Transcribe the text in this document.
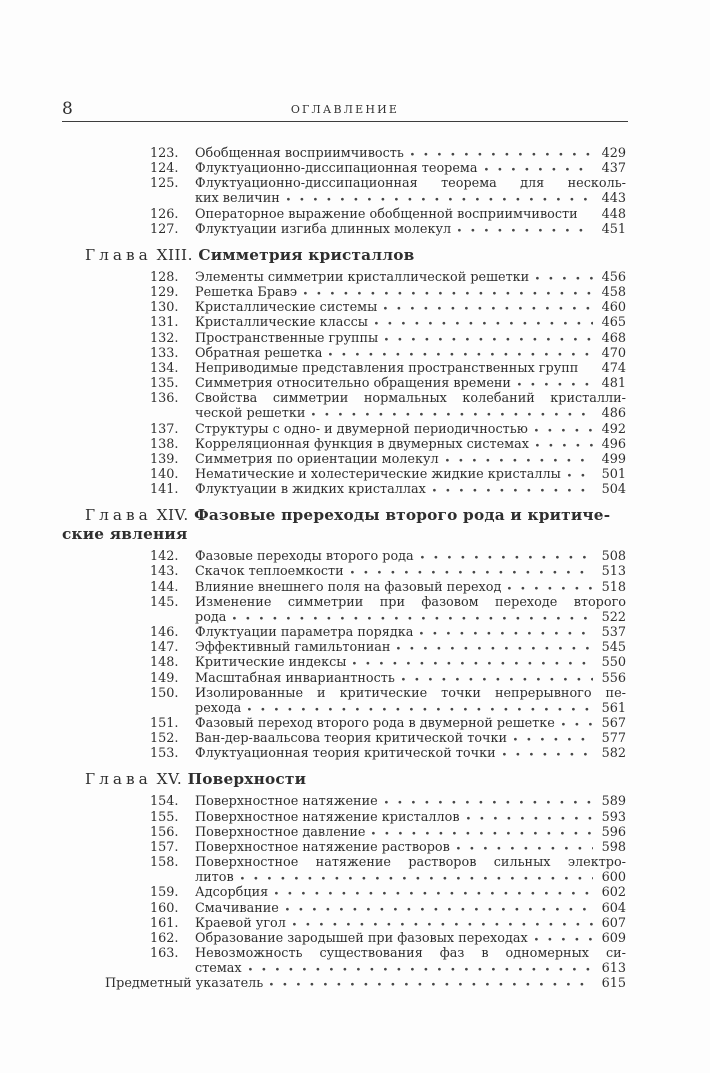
8	ОГЛАВЛЕНИЕ
123.	Обобщенная восприимчивость	429
124.	Флуктуационно-диссипационная теорема	437
125.	Флуктуационно-диссипационная теорема для несколь-
ких величин	443
126.	Операторное выражение обобщенной восприимчивости	448
127.	Флуктуации изгиба длинных молекул	451
Глава XIII. Симметрия кристаллов
128.	Элементы симметрии кристаллической решетки	456
129.	Решетка Бравэ	458
130.	Кристаллические системы	460
131.	Кристаллические классы	465
132.	Пространственные группы	468
133.	Обратная решетка	470
134.	Неприводимые представления пространственных групп	474
135.	Симметрия относительно обращения времени	481
136.	Свойства симметрии нормальных колебаний кристалли-
ческой решетки	486
137.	Структуры с одно- и двумерной периодичностью	492
138.	Корреляционная функция в двумерных системах	496
139.	Симметрия по ориентации молекул	499
140.	Нематические и холестерические жидкие кристаллы	501
141.	Флуктуации в жидких кристаллах	504
Глава XIV. Фазовые пререходы второго рода и критиче-
ские явления
142.	Фазовые переходы второго рода	508
143.	Скачок теплоемкости	513
144.	Влияние внешнего поля на фазовый переход	518
145.	Изменение симметрии при фазовом переходе второго
рода	522
146.	Флуктуации параметра порядка	537
147.	Эффективный гамильтониан	545
148.	Критические индексы	550
149.	Масштабная инвариантность	556
150.	Изолированные и критические точки непрерывного пе-
рехода	561
151.	Фазовый переход второго рода в двумерной решетке	567
152.	Ван-дер-ваальсова теория критической точки	577
153.	Флуктуационная теория критической точки	582
Глава XV. Поверхности
154.	Поверхностное натяжение	589
155.	Поверхностное натяжение кристаллов	593
156.	Поверхностное давление	596
157.	Поверхностное натяжение растворов	598
158.	Поверхностное натяжение растворов сильных электро-
литов	600
159.	Адсорбция	602
160.	Смачивание	604
161.	Краевой угол	607
162.	Образование зародышей при фазовых переходах	609
163.	Невозможность существования фаз в одномерных си-
стемах	613
Предметный указатель	615
